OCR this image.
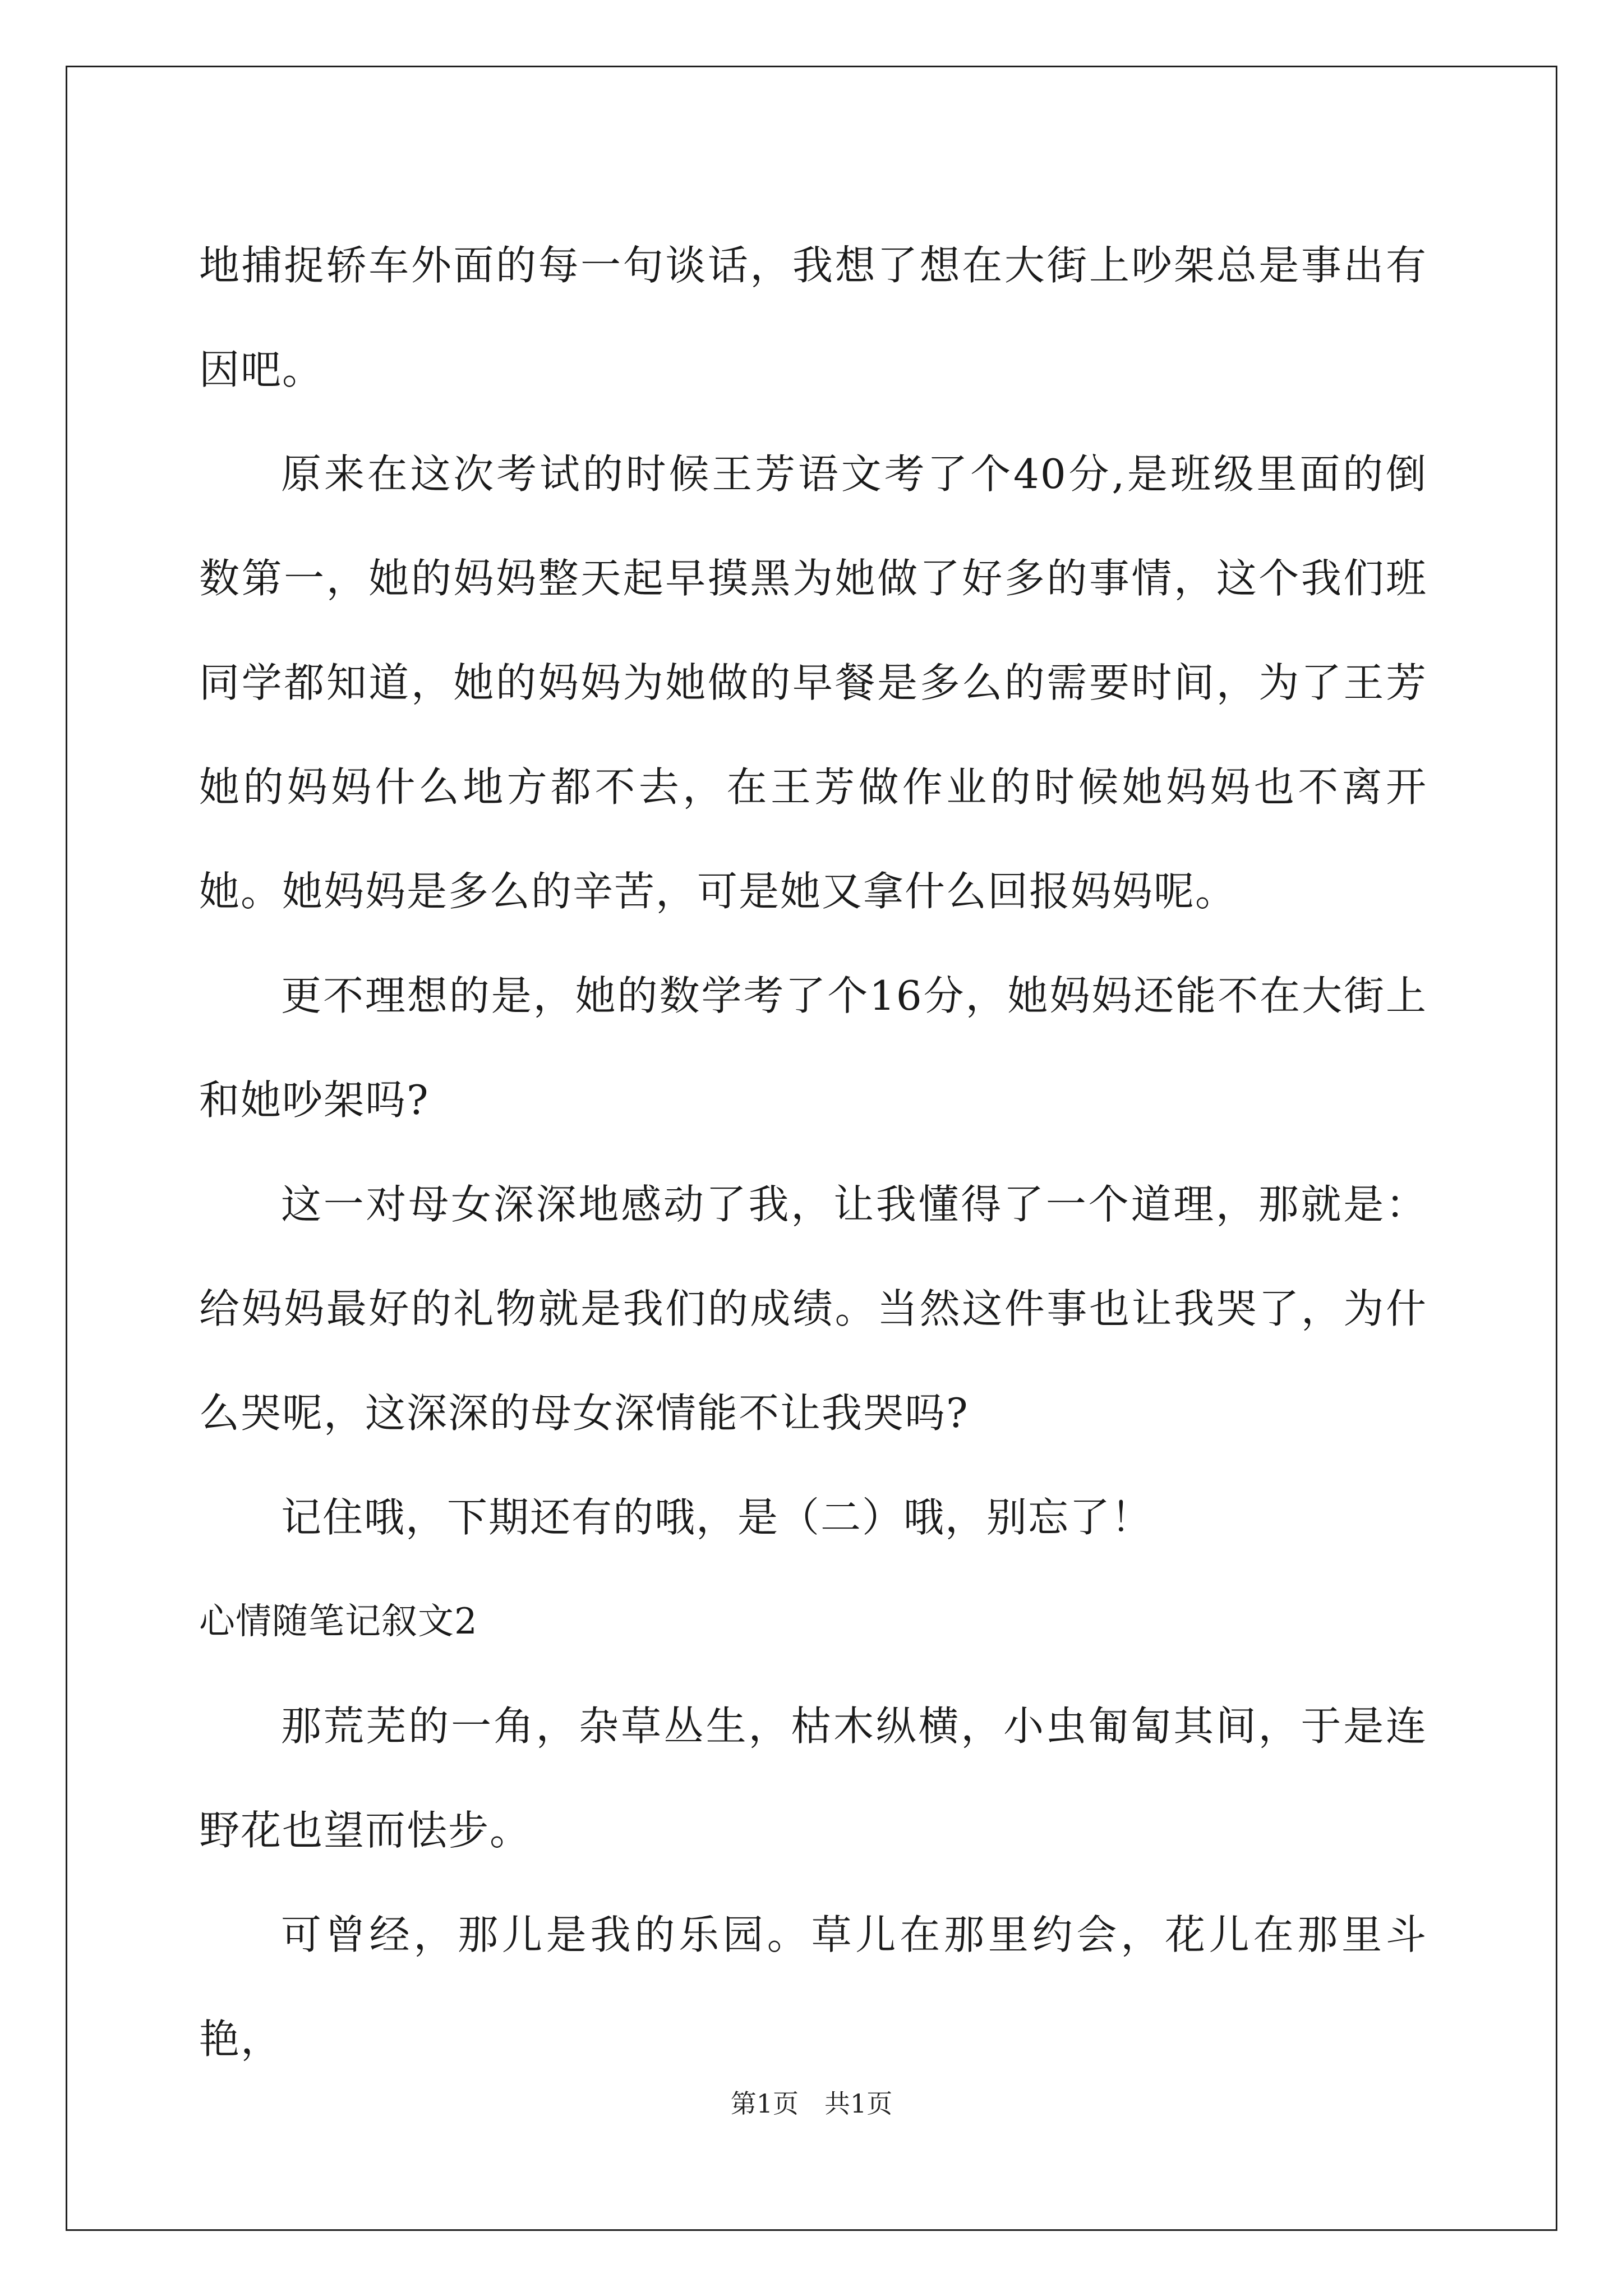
地捕捉轿车外面的每一句谈话，我想了想在大街上吵架总是事出有因吧。

原来在这次考试的时候王芳语文考了个40分,是班级里面的倒数第一，她的妈妈整天起早摸黑为她做了好多的事情，这个我们班同学都知道，她的妈妈为她做的早餐是多么的需要时间，为了王芳她的妈妈什么地方都不去，在王芳做作业的时候她妈妈也不离开她。她妈妈是多么的辛苦，可是她又拿什么回报妈妈呢。

更不理想的是，她的数学考了个16分，她妈妈还能不在大街上和她吵架吗?

这一对母女深深地感动了我，让我懂得了一个道理，那就是：给妈妈最好的礼物就是我们的成绩。当然这件事也让我哭了，为什么哭呢，这深深的母女深情能不让我哭吗?

记住哦，下期还有的哦，是（二）哦，别忘了！

心情随笔记叙文2

那荒芜的一角，杂草丛生，枯木纵横，小虫匍匐其间，于是连野花也望而怯步。

可曾经，那儿是我的乐园。草儿在那里约会，花儿在那里斗艳，

第1页 共1页
